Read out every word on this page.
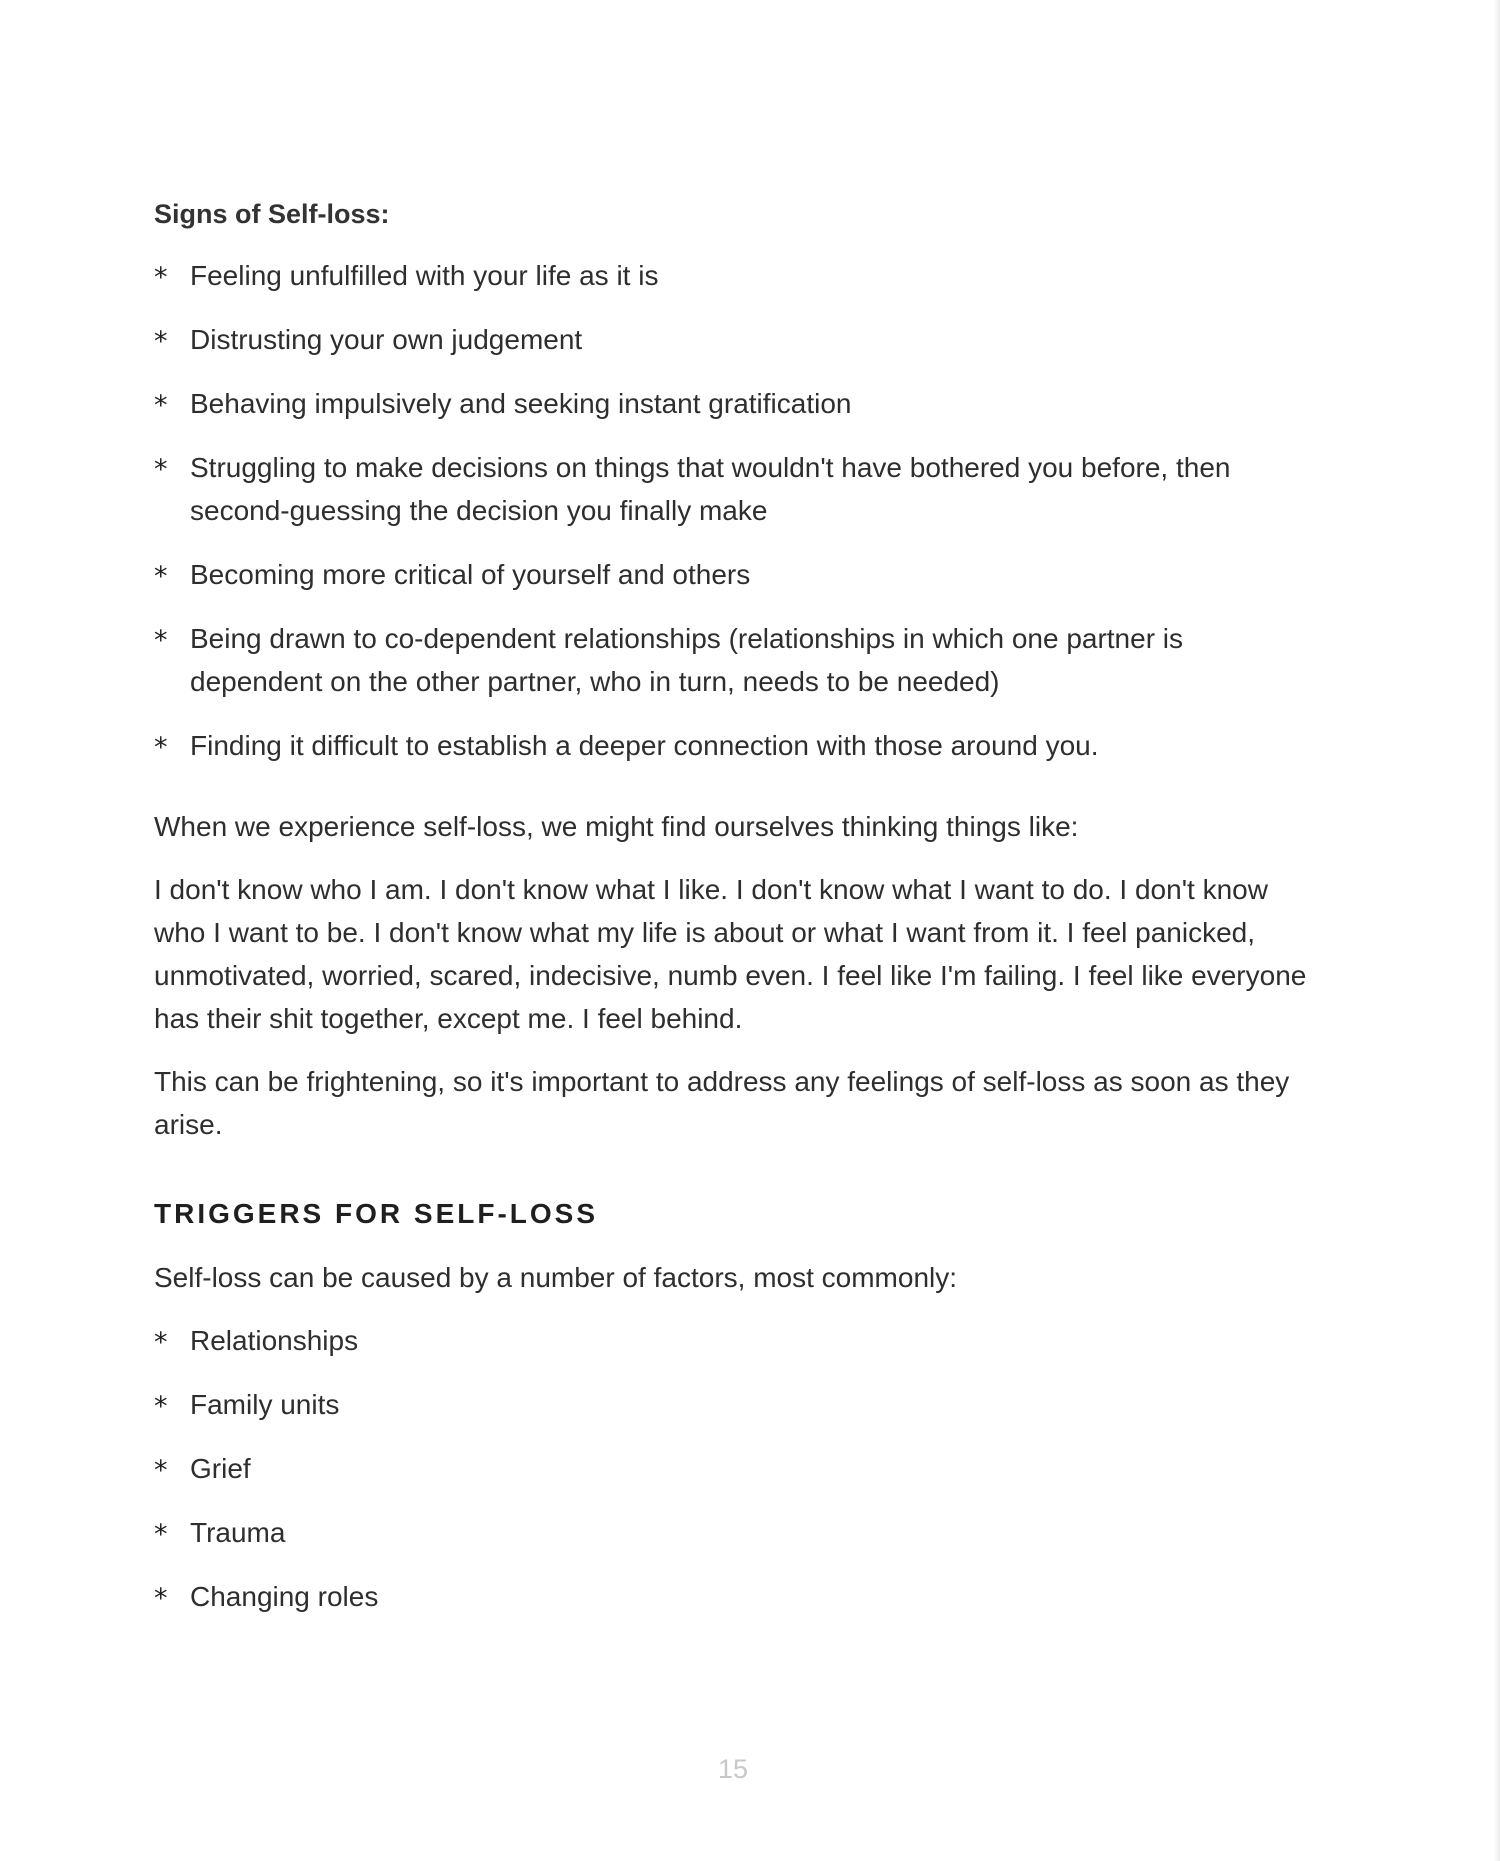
Signs of Self-loss:
* Feeling unfulfilled with your life as it is
* Distrusting your own judgement
* Behaving impulsively and seeking instant gratification
* Struggling to make decisions on things that wouldn't have bothered you before, then second-guessing the decision you finally make
* Becoming more critical of yourself and others
* Being drawn to co-dependent relationships (relationships in which one partner is dependent on the other partner, who in turn, needs to be needed)
* Finding it difficult to establish a deeper connection with those around you.

When we experience self-loss, we might find ourselves thinking things like:

I don't know who I am. I don't know what I like. I don't know what I want to do. I don't know who I want to be. I don't know what my life is about or what I want from it. I feel panicked, unmotivated, worried, scared, indecisive, numb even. I feel like I'm failing. I feel like everyone has their shit together, except me. I feel behind.

This can be frightening, so it's important to address any feelings of self-loss as soon as they arise.

TRIGGERS FOR SELF-LOSS

Self-loss can be caused by a number of factors, most commonly:

* Relationships
* Family units
* Grief
* Trauma
* Changing roles
15
